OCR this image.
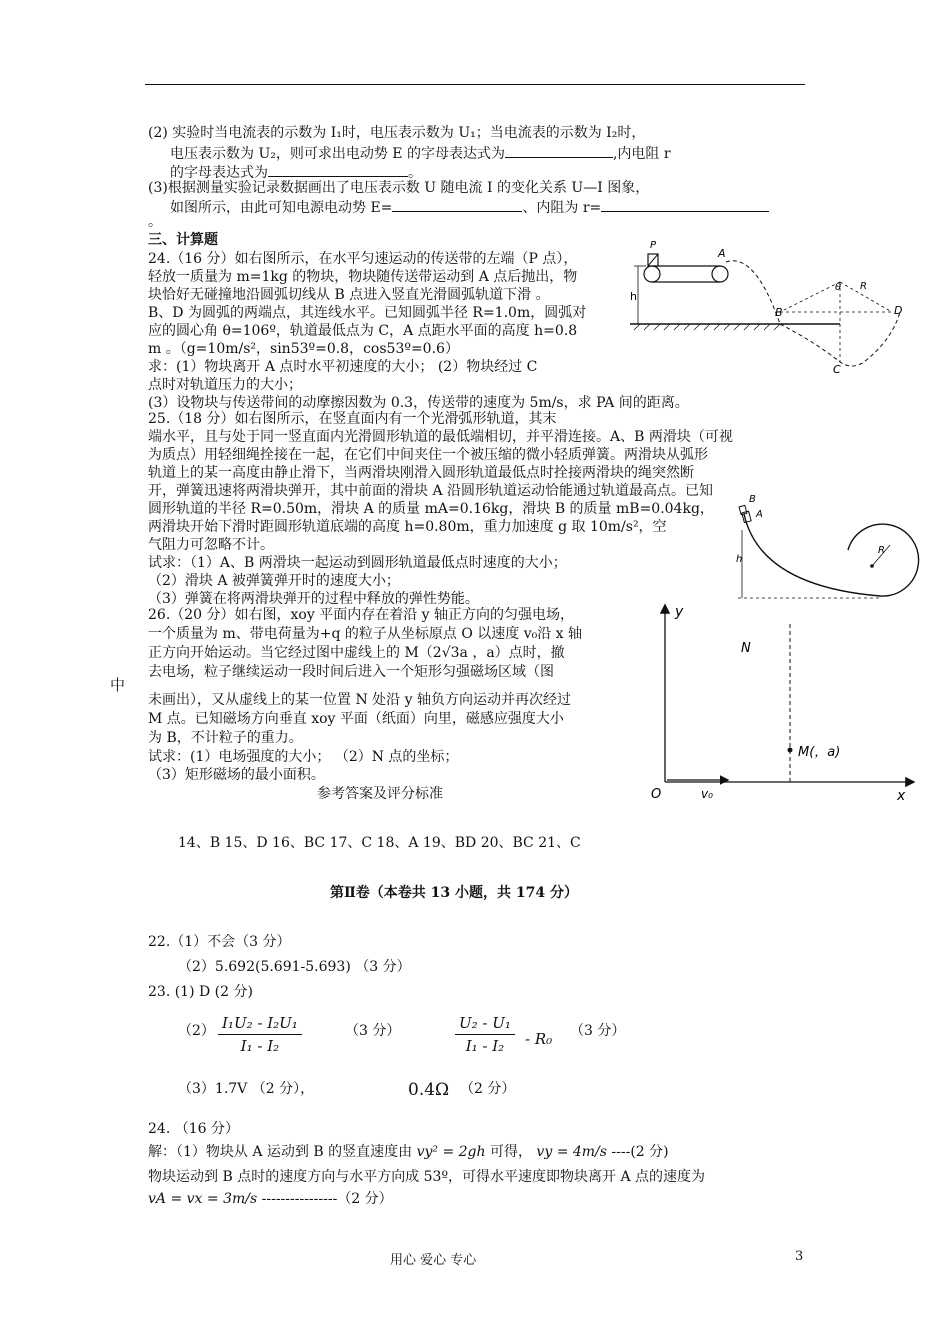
(2) 实验时当电流表的示数为 I₁时，电压表示数为 U₁；当电流表的示数为 I₂时，
电压表示数为 U₂，则可求出电动势 E 的字母表达式为	,内电阻 r
的字母表达式为	。
(3)根据测量实验记录数据画出了电压表示数 U 随电流 I 的变化关系 U—I 图象，
如图所示，由此可知电源电动势 E=	、内阻为 r=
。
三、计算题
24.（16 分）如右图所示，在水平匀速运动的传送带的左端（P 点），
轻放一质量为 m=1kg 的物块，物块随传送带运动到 A 点后抛出，物
块恰好无碰撞地沿圆弧切线从 B 点进入竖直光滑圆弧轨道下滑 。
B、D 为圆弧的两端点，其连线水平。已知圆弧半径 R=1.0m，圆弧对
应的圆心角 θ=106º，轨道最低点为 C，A 点距水平面的高度 h=0.8
m 。（g=10m/s²，sin53º=0.8，cos53º=0.6）
求：(1）物块离开 A 点时水平初速度的大小； (2）物块经过 C
点时对轨道压力的大小；
(3）设物块与传送带间的动摩擦因数为 0.3，传送带的速度为 5m/s，求 PA 间的距离。
P
A
h
θ R
B	D
C
25.（18 分）如右图所示，在竖直面内有一个光滑弧形轨道，其末
端水平，且与处于同一竖直面内光滑圆形轨道的最低端相切，并平滑连接。A、B 两滑块（可视
为质点）用轻细绳拴接在一起，在它们中间夹住一个被压缩的微小轻质弹簧。两滑块从弧形
轨道上的某一高度由静止滑下，当两滑块刚滑入圆形轨道最低点时拴接两滑块的绳突然断
开，弹簧迅速将两滑块弹开，其中前面的滑块 A 沿圆形轨道运动恰能通过轨道最高点。已知
圆形轨道的半径 R=0.50m，滑块 A 的质量 mA=0.16kg，滑块 B 的质量 mB=0.04kg，
两滑块开始下滑时距圆形轨道底端的高度 h=0.80m，重力加速度 g 取 10m/s²，空
气阻力可忽略不计。
试求：（1）A、B 两滑块一起运动到圆形轨道最低点时速度的大小；
（2）滑块 A 被弹簧弹开时的速度大小；
（3）弹簧在将两滑块弹开的过程中释放的弹性势能。
B
A
h
R
26.（20 分）如右图，xoy 平面内存在着沿 y 轴正方向的匀强电场，
一个质量为 m、带电荷量为+q 的粒子从坐标原点 O 以速度 v₀沿 x 轴
正方向开始运动。当它经过图中虚线上的 M（2√3a ，a）点时，撤
去电场，粒子继续运动一段时间后进入一个矩形匀强磁场区域（图
中
未画出），又从虚线上的某一位置 N 处沿 y 轴负方向运动并再次经过
M 点。已知磁场方向垂直 xoy 平面（纸面）向里，磁感应强度大小
为 B，不计粒子的重力。
试求：(1）电场强度的大小； （2）N 点的坐标；
（3）矩形磁场的最小面积。
y
N
M(，a)
O	v₀	x
参考答案及评分标准
14、B 15、D 16、BC 17、C 18、A 19、BD 20、BC 21、C
第Ⅱ卷（本卷共 13 小题，共 174 分）
22.（1）不会（3 分）
（2）5.692(5.691-5.693) （3 分）
23. (1) D (2 分)
$(2) \frac{\text{I₁U₂ - I₂U₁}}{\text{I₁ - I₂}}$	（3 分）	$\frac{\text{U₂ - U₁}}{\text{I₁ - I₂}} - R_0$ （3 分）
（3）1.7V （2 分），	0.4Ω （2 分）
24. （16 分）
解：（1）物块从 A 运动到 B 的竖直速度由 vy² = 2gh 可得， vy = 4m/s ----(2 分)
物块运动到 B 点时的速度方向与水平方向成 53º，可得水平速度即物块离开 A 点的速度为
vA = vx = 3m/s ----------------（2 分）
用心 爱心 专心	3
